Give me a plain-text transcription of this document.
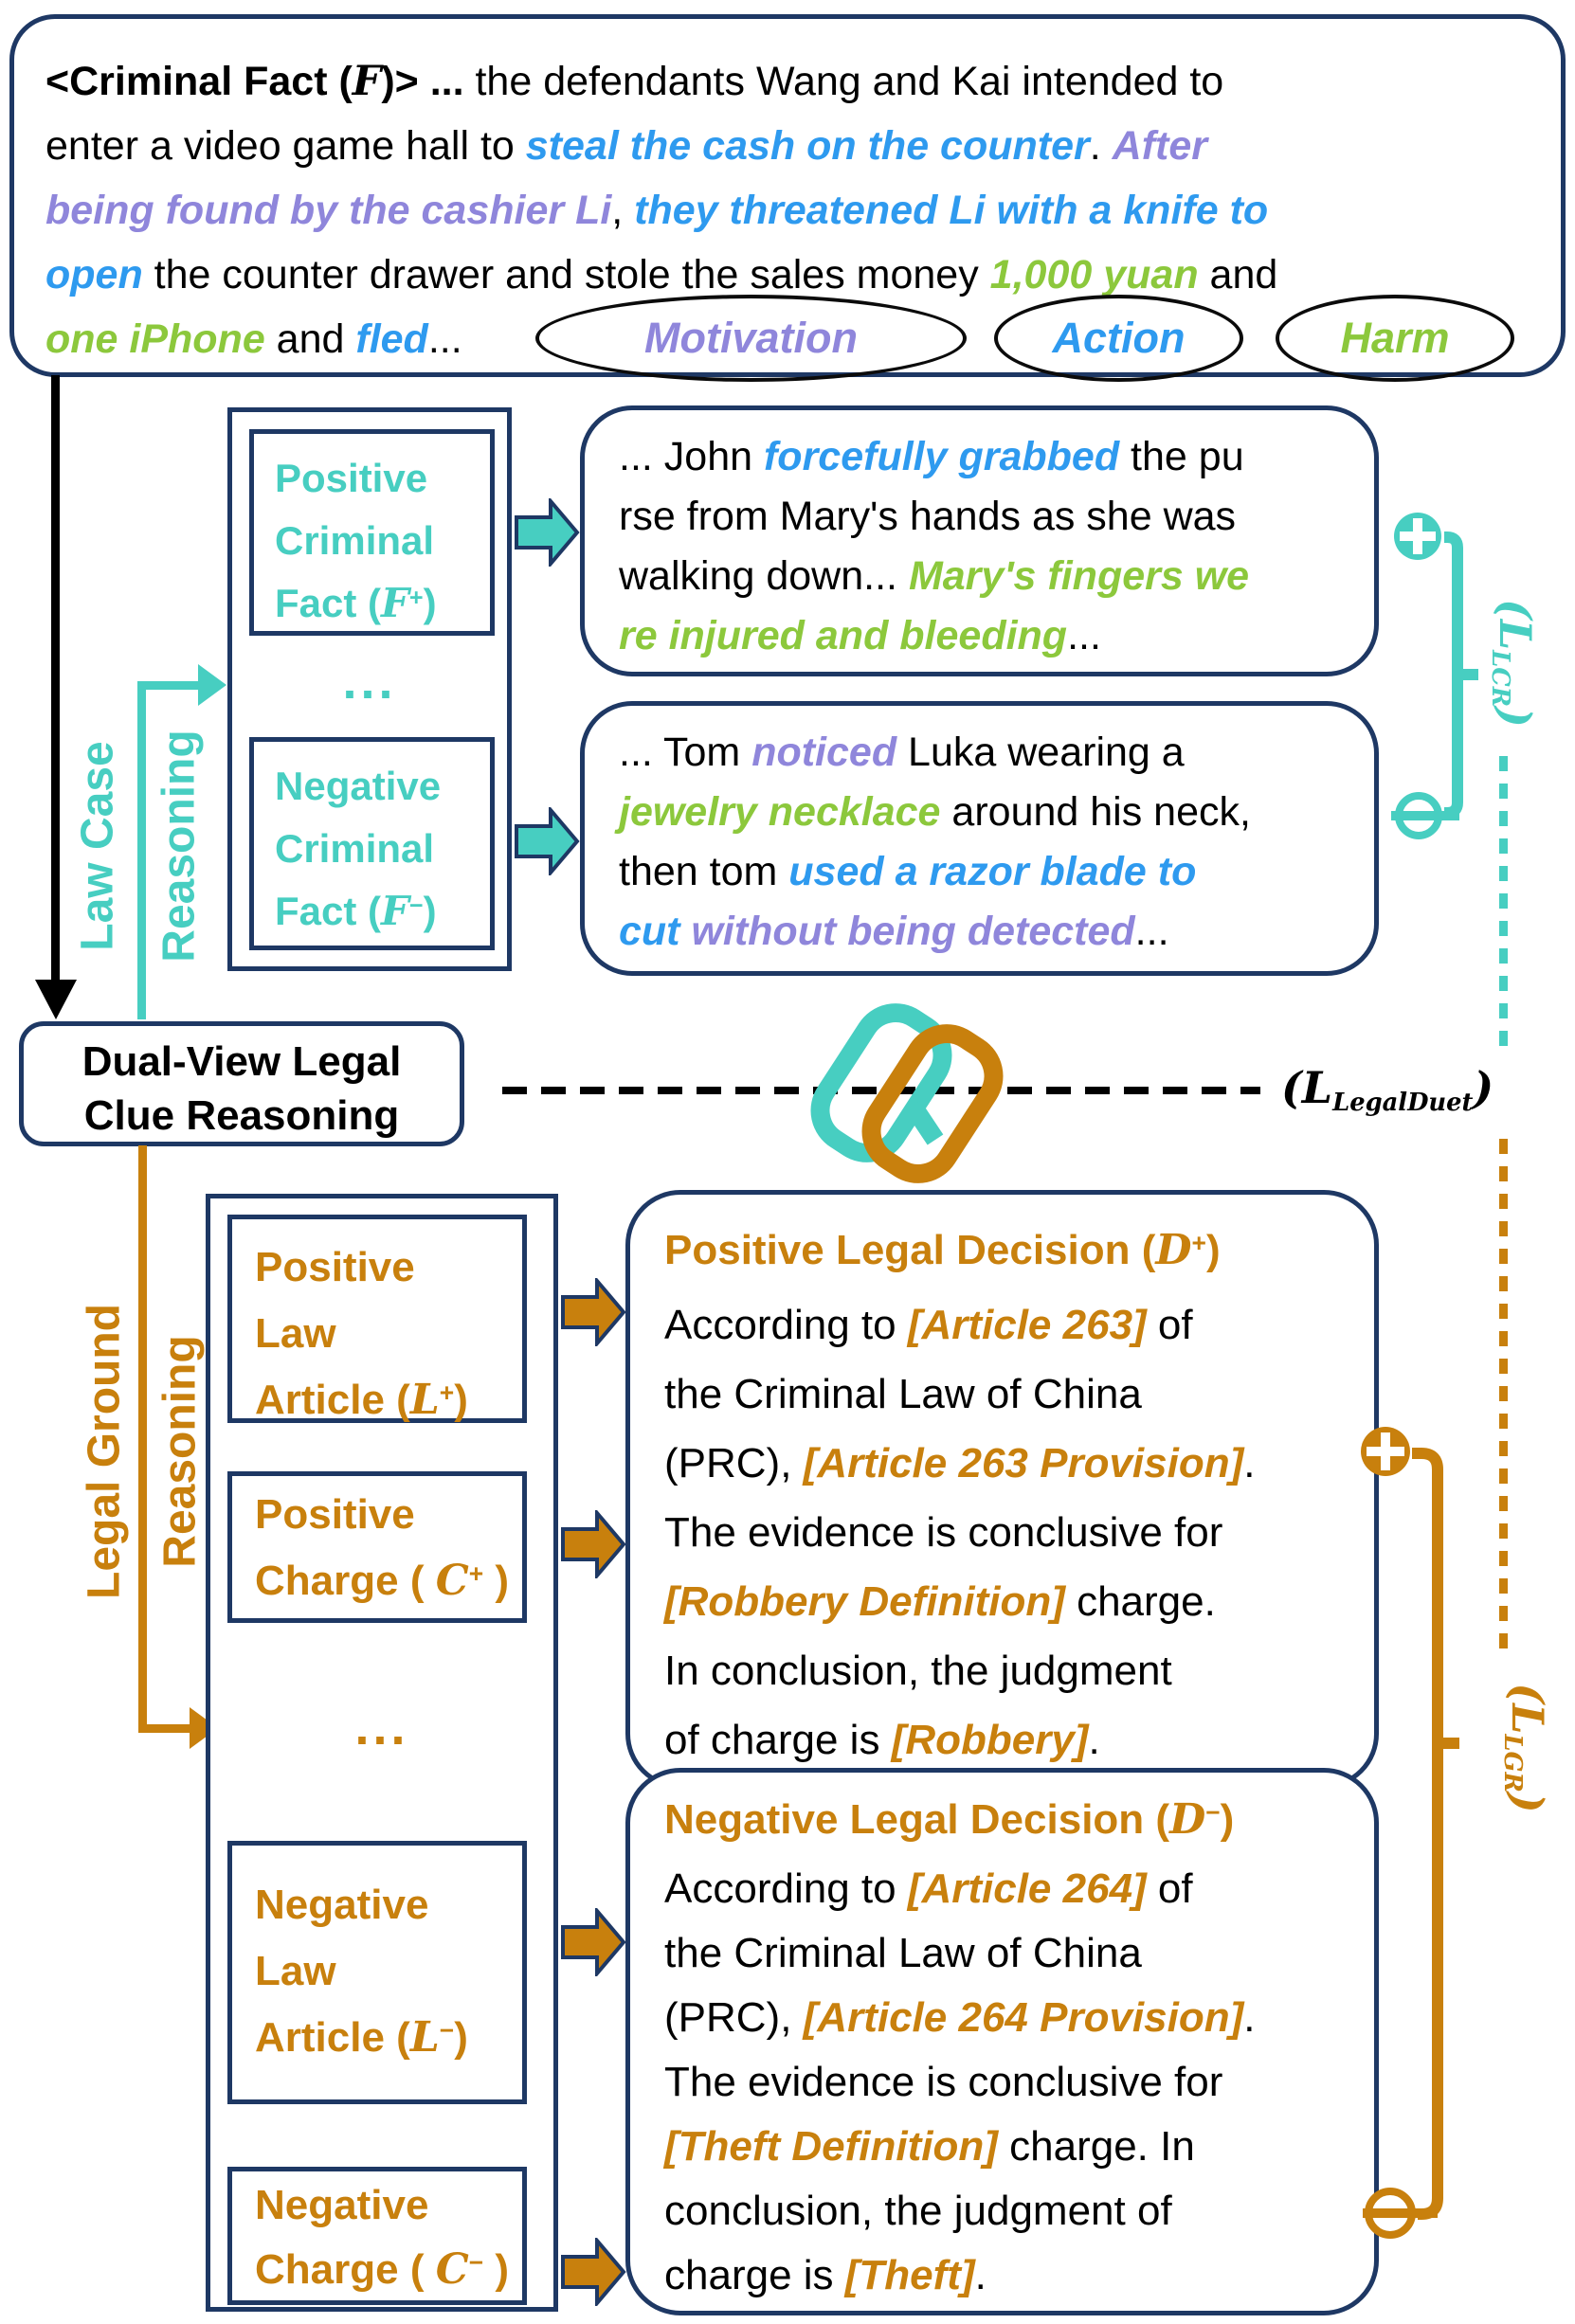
<Criminal Fact (F)> ... the defendants Wang and Kai intended to
enter a video game hall to steal the cash on the counter. After
being found by the cashier Li, they threatened Li with a knife to
open the counter drawer and stole the sales money 1,000 yuan and
one iPhone and fled...	Motivation	Action	Harm
Law Case Reasoning
Positive
Criminal
Fact (F+)
...
Negative
Criminal
Fact (F−)
... John forcefully grabbed the pu
rse from Mary's hands as she was
walking down... Mary's fingers we
re injured and bleeding...
... Tom noticed Luka wearing a
jewelry necklace around his neck,
then tom used a razor blade to
cut without being detected...
(LLCR)
Dual-View Legal
Clue Reasoning
(LLegalDuet)
Legal Ground Reasoning
Positive
Law
Article (L+)
Positive
Charge ( C+ )
...
Negative
Law
Article (L−)
Negative
Charge ( C− )
Positive Legal Decision (D+)
According to [Article 263] of
the Criminal Law of China
(PRC), [Article 263 Provision].
The evidence is conclusive for
[Robbery Definition] charge.
In conclusion, the judgment
of charge is [Robbery].
Negative Legal Decision (D−)
According to [Article 264] of
the Criminal Law of China
(PRC), [Article 264 Provision].
The evidence is conclusive for
[Theft Definition] charge. In
conclusion, the judgment of
charge is [Theft].
(LLGR)
